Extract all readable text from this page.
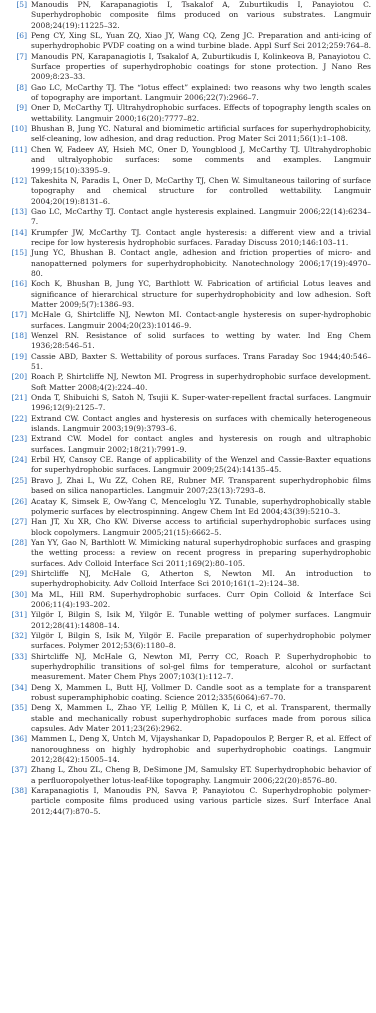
[5] Manoudis PN, Karapanagiotis I, Tsakalof A, Zuburtikudis I, Panayiotou C. Superhydrophobic composite films produced on various substrates. Langmuir 2008;24(19):11225–32.
[6] Peng CY, Xing SL, Yuan ZQ, Xiao JY, Wang CQ, Zeng JC. Preparation and anti-icing of superhydrophobic PVDF coating on a wind turbine blade. Appl Surf Sci 2012;259:764–8.
[7] Manoudis PN, Karapanagiotis I, Tsakalof A, Zuburtikudis I, Kolinkeova B, Panayiotou C. Surface properties of superhydrophobic coatings for stone protection. J Nano Res 2009;8:23–33.
[8] Gao LC, McCarthy TJ. The “lotus effect” explained: two reasons why two length scales of topography are important. Langmuir 2006;22(7):2966–7.
[9] Oner D, McCarthy TJ. Ultrahydrophobic surfaces. Effects of topography length scales on wettability. Langmuir 2000;16(20):7777–82.
[10] Bhushan B, Jung YC. Natural and biomimetic artificial surfaces for superhydrophobicity, self-cleaning, low adhesion, and drag reduction. Prog Mater Sci 2011;56(1):1–108.
[11] Chen W, Fadeev AY, Hsieh MC, Oner D, Youngblood J, McCarthy TJ. Ultrahydrophobic and ultralyophobic surfaces: some comments and examples. Langmuir 1999;15(10):3395–9.
[12] Takeshita N, Paradis L, Oner D, McCarthy TJ, Chen W. Simultaneous tailoring of surface topography and chemical structure for controlled wettability. Langmuir 2004;20(19):8131–6.
[13] Gao LC, McCarthy TJ. Contact angle hysteresis explained. Langmuir 2006;22(14):6234–7.
[14] Krumpfer JW, McCarthy TJ. Contact angle hysteresis: a different view and a trivial recipe for low hysteresis hydrophobic surfaces. Faraday Discuss 2010;146:103–11.
[15] Jung YC, Bhushan B. Contact angle, adhesion and friction properties of micro- and nanopatterned polymers for superhydrophobicity. Nanotechnology 2006;17(19):4970–80.
[16] Koch K, Bhushan B, Jung YC, Barthlott W. Fabrication of artificial Lotus leaves and significance of hierarchical structure for superhydrophobicity and low adhesion. Soft Matter 2009;5(7):1386–93.
[17] McHale G, Shirtcliffe NJ, Newton MI. Contact-angle hysteresis on super-hydrophobic surfaces. Langmuir 2004;20(23):10146–9.
[18] Wenzel RN. Resistance of solid surfaces to wetting by water. Ind Eng Chem 1936;28:546–51.
[19] Cassie ABD, Baxter S. Wettability of porous surfaces. Trans Faraday Soc 1944;40:546–51.
[20] Roach P, Shirtcliffe NJ, Newton MI. Progress in superhydrophobic surface development. Soft Matter 2008;4(2):224–40.
[21] Onda T, Shibuichi S, Satoh N, Tsujii K. Super-water-repellent fractal surfaces. Langmuir 1996;12(9):2125–7.
[22] Extrand CW. Contact angles and hysteresis on surfaces with chemically heterogeneous islands. Langmuir 2003;19(9):3793–6.
[23] Extrand CW. Model for contact angles and hysteresis on rough and ultraphobic surfaces. Langmuir 2002;18(21):7991–9.
[24] Erbil HY, Cansoy CE. Range of applicability of the Wenzel and Cassie-Baxter equations for superhydrophobic surfaces. Langmuir 2009;25(24):14135–45.
[25] Bravo J, Zhai L, Wu ZZ, Cohen RE, Rubner MF. Transparent superhydrophobic films based on silica nanoparticles. Langmuir 2007;23(13):7293–8.
[26] Acatay K, Simsek E, Ow-Yang C, Menceloglu YZ. Tunable, superhydrophobically stable polymeric surfaces by electrospinning. Angew Chem Int Ed 2004;43(39):5210–3.
[27] Han JT, Xu XR, Cho KW. Diverse access to artificial superhydrophobic surfaces using block copolymers. Langmuir 2005;21(15):6662–5.
[28] Yan YY, Gao N, Barthlott W. Mimicking natural superhydrophobic surfaces and grasping the wetting process: a review on recent progress in preparing superhydrophobic surfaces. Adv Colloid Interface Sci 2011;169(2):80–105.
[29] Shirtcliffe NJ, McHale G, Atherton S, Newton MI. An introduction to superhydrophobicity. Adv Colloid Interface Sci 2010;161(1–2):124–38.
[30] Ma ML, Hill RM. Superhydrophobic surfaces. Curr Opin Colloid & Interface Sci 2006;11(4):193–202.
[31] Yilgör I, Bilgin S, Isik M, Yilgör E. Tunable wetting of polymer surfaces. Langmuir 2012;28(41):14808–14.
[32] Yilgör I, Bilgin S, Isik M, Yilgör E. Facile preparation of superhydrophobic polymer surfaces. Polymer 2012;53(6):1180–8.
[33] Shirtcliffe NJ, McHale G, Newton MI, Perry CC, Roach P. Superhydrophobic to superhydrophilic transitions of sol-gel films for temperature, alcohol or surfactant measurement. Mater Chem Phys 2007;103(1):112–7.
[34] Deng X, Mammen L, Butt HJ, Vollmer D. Candle soot as a template for a transparent robust superamphiphobic coating. Science 2012;335(6064):67–70.
[35] Deng X, Mammen L, Zhao YF, Lellig P, Müllen K, Li C, et al. Transparent, thermally stable and mechanically robust superhydrophobic surfaces made from porous silica capsules. Adv Mater 2011;23(26):2962.
[36] Mammen L, Deng X, Untch M, Vijayshankar D, Papadopoulos P, Berger R, et al. Effect of nanoroughness on highly hydrophobic and superhydrophobic coatings. Langmuir 2012;28(42):15005–14.
[37] Zhang L, Zhou ZL, Cheng B, DeSimone JM, Samulsky ET. Superhydrophobic behavior of a perfluoropolyether lotus-leaf-like topography. Langmuir 2006;22(20):8576–80.
[38] Karapanagiotis I, Manoudis PN, Savva P, Panayiotou C. Superhydrophobic polymer-particle composite films produced using various particle sizes. Surf Interface Anal 2012;44(7):870–5.
